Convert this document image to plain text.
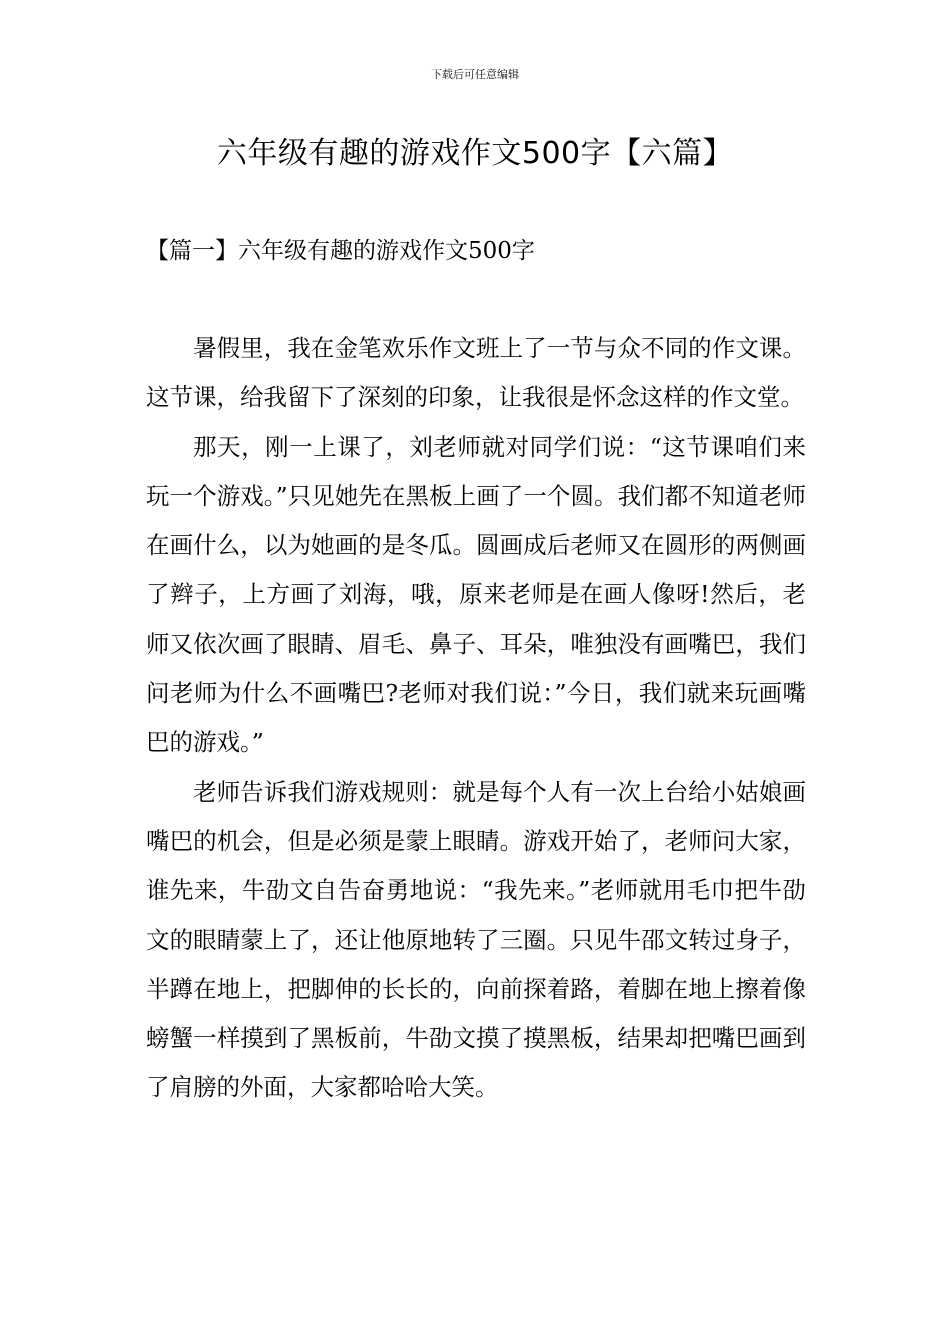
下载后可任意编辑
六年级有趣的游戏作文500字【六篇】
【篇一】六年级有趣的游戏作文500字

暑假里，我在金笔欢乐作文班上了一节与众不同的作文课。这节课，给我留下了深刻的印象，让我很是怀念这样的作文堂。

那天，刚一上课了，刘老师就对同学们说：“这节课咱们来玩一个游戏。”只见她先在黑板上画了一个圆。我们都不知道老师在画什么，以为她画的是冬瓜。圆画成后老师又在圆形的两侧画了辫子，上方画了刘海，哦，原来老师是在画人像呀!然后，老师又依次画了眼睛、眉毛、鼻子、耳朵，唯独没有画嘴巴，我们问老师为什么不画嘴巴?老师对我们说：”今日，我们就来玩画嘴巴的游戏。”

老师告诉我们游戏规则：就是每个人有一次上台给小姑娘画嘴巴的机会，但是必须是蒙上眼睛。游戏开始了，老师问大家，谁先来，牛劭文自告奋勇地说：“我先来。”老师就用毛巾把牛劭文的眼睛蒙上了，还让他原地转了三圈。只见牛邵文转过身子，半蹲在地上，把脚伸的长长的，向前探着路，着脚在地上擦着像螃蟹一样摸到了黑板前，牛劭文摸了摸黑板，结果却把嘴巴画到了肩膀的外面，大家都哈哈大笑。
